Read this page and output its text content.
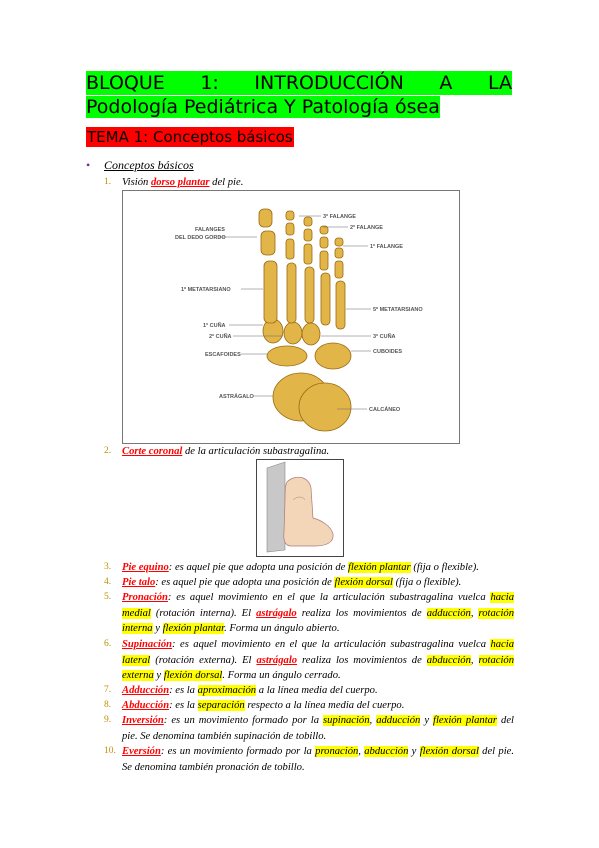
BLOQUE 1: INTRODUCCIÓN A LA
Podología Pediátrica Y Patología ósea
TEMA 1: Conceptos básicos
• Conceptos básicos
1. Visión dorso plantar del pie.
2. Corte coronal de la articulación subastragalina.
3. Pie equino: es aquel pie que adopta una posición de flexión plantar (fija o flexible).
4. Pie talo: es aquel pie que adopta una posición de flexión dorsal (fija o flexible).
5. Pronación: es aquel movimiento en el que la articulación subastragalina vuelca hacia medial (rotación interna). El astrágalo realiza los movimientos de adducción, rotación interna y flexión plantar. Forma un ángulo abierto.
6. Supinación: es aquel movimiento en el que la articulación subastragalina vuelca hacia lateral (rotación externa). El astrágalo realiza los movimientos de abducción, rotación externa y flexión dorsal. Forma un ángulo cerrado.
7. Adducción: es la aproximación a la línea media del cuerpo.
8. Abducción: es la separación respecto a la línea media del cuerpo.
9. Inversión: es un movimiento formado por la supinación, adducción y flexión plantar del pie. Se denomina también supinación de tobillo.
10. Eversión: es un movimiento formado por la pronación, abducción y flexión dorsal del pie. Se denomina también pronación de tobillo.
3ª FALANGE
2ª FALANGE
1ª FALANGE
FALANGES
DEL DEDO GORDO
1º METATARSIANO
5º METATARSIANO
1ª CUÑA
2ª CUÑA	3ª CUÑA
CUBOIDES
ESCAFOIDES
ASTRÁGALO
CALCÁNEO
